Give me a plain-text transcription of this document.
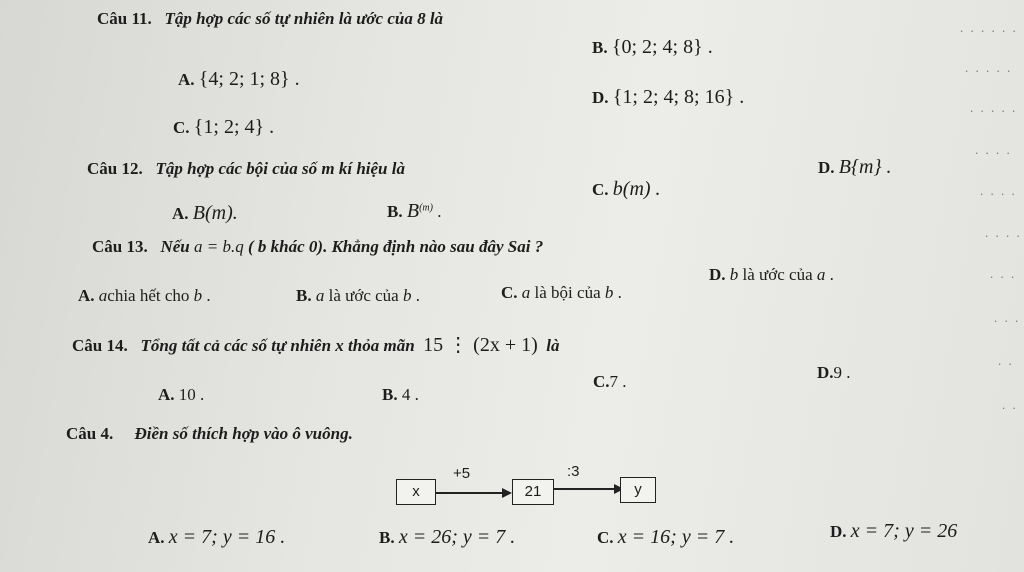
Câu 11. Tập hợp các số tự nhiên là ước của 8 là
B. {0; 2; 4; 8} .
A. {4; 2; 1; 8} .
D. {1; 2; 4; 8; 16} .
C. {1; 2; 4} .
Câu 12. Tập hợp các bội của số m kí hiệu là	D. B{m} .
C. b(m) .
A. B(m).	B. $B^{(m)}$ .
Câu 13. Nếu a = b.q ( b khác 0). Khẳng định nào sau đây Sai ?
A. achia hết cho b .	B. a là ước của b .	C. a là bội của b .
D. b là ước của a .
Câu 14. Tổng tất cả các số tự nhiên x thỏa mãn 15 ⋮ (2x + 1) là
A. 10 .	B. 4 .
C.7 .	D.9 .
Câu 4. Điền số thích hợp vào ô vuông.
x
+5
21
:3
y
A. x = 7; y = 16 .	B. x = 26; y = 7 .	C. x = 16; y = 7 .	D. x = 7; y = 26
. . . . . .
. . . . .
. . . . .
. . . .
. . . .
. . . .
. . .
. . .
. .
. .
